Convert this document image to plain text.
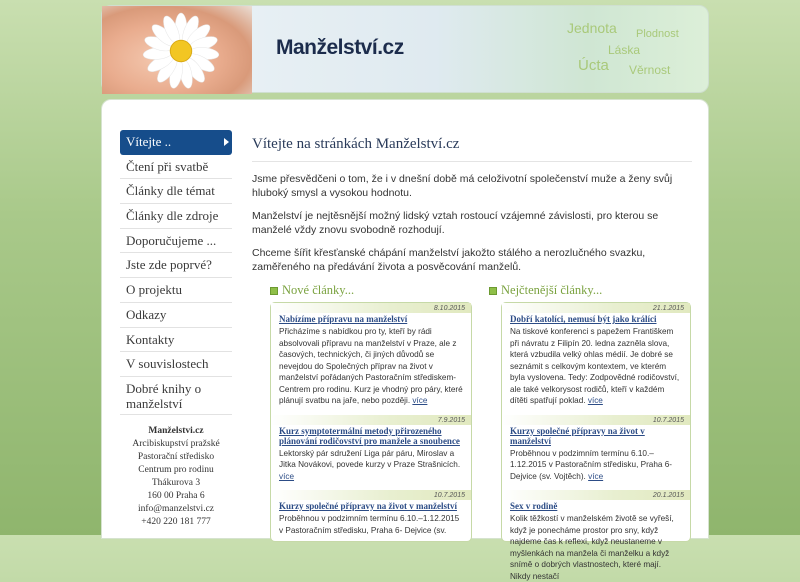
Manželství.cz
Jednota Plodnost
Láska
Úcta Věrnost
Vítejte ..
Čtení při svatbě
Články dle témat
Články dle zdroje
Doporučujeme ...
Jste zde poprvé?
O projektu
Odkazy
Kontakty
V souvislostech
Dobré knihy o manželství
Manželstvi.cz
Arcibiskupství pražské
Pastorační středisko
Centrum pro rodinu
Thákurova 3
160 00 Praha 6
info@manzelstvi.cz
+420 220 181 777
Vítejte na stránkách Manželství.cz

Jsme přesvědčeni o tom, že i v dnešní době má celoživotní společenství muže a ženy svůj hluboký smysl a vysokou hodnotu.

Manželství je nejtěsnější možný lidský vztah rostoucí vzájemné závislosti, pro kterou se manželé vždy znovu svobodně rozhodují.

Chceme šířit křesťanské chápání manželství jakožto stálého a nerozlučného svazku, zaměřeného na předávání života a posvěcování manželů.

Nové články...
8.10.2015
Nabízíme přípravu na manželství
Přicházíme s nabídkou pro ty, kteří by rádi absolvovali přípravu na manželství v Praze, ale z časových, technických, či jiných důvodů se nevejdou do Společných příprav na život v manželství pořádaných Pastoračním střediskem-Centrem pro rodinu. Kurz je vhodný pro páry, které plánují svatbu na jaře, nebo později. více
7.9.2015
Kurz symptotermální metody přirozeného plánování rodičovství pro manžele a snoubence
Lektorský pár sdružení Liga pár páru, Miroslav a Jitka Novákovi, povede kurzy v Praze Strašnicích. více
10.7.2015
Kurzy společné přípravy na život v manželství
Proběhnou v podzimním termínu 6.10.–1.12.2015 v Pastoračním středisku, Praha 6- Dejvice (sv.
Nejčtenější články...
21.1.2015
Dobří katolíci, nemusí být jako králíci
Na tiskové konferenci s papežem Františkem při návratu z Filipín 20. ledna zazněla slova, která vzbudila velký ohlas médií. Je dobré se seznámit s celkovým kontextem, ve kterém byla vyslovena. Tedy: Zodpovědné rodičovství, ale také velkorysost rodičů, kteří v každém dítěti spatřují poklad. více
10.7.2015
Kurzy společné přípravy na život v manželství
Proběhnou v podzimním termínu 6.10.–1.12.2015 v Pastoračním středisku, Praha 6- Dejvice (sv. Vojtěch). více
20.1.2015
Sex v rodině
Kolik těžkostí v manželském životě se vyřeší, když je ponecháme prostor pro sny, když najdeme čas k reflexi, když neustaneme v myšlenkách na manžela či manželku a když snímě o dobrých vlastnostech, které mají. Nikdy nestačí
